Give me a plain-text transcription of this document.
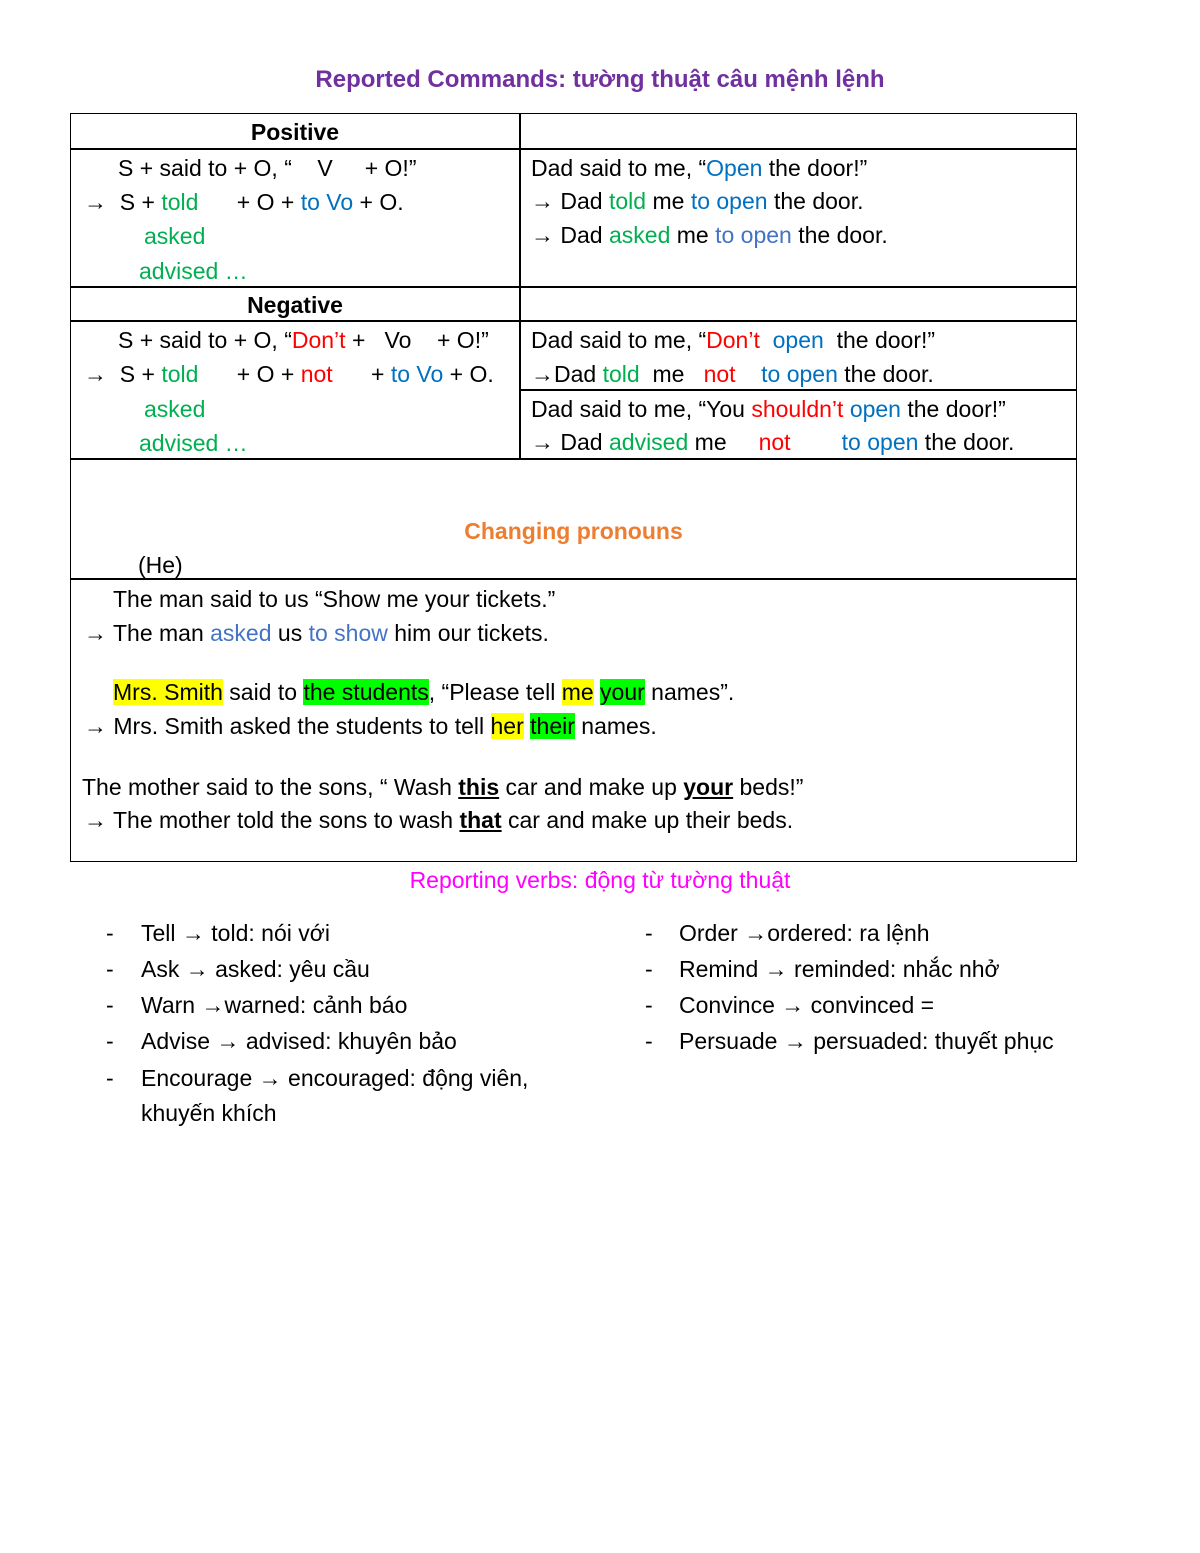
Reported Commands: tường thuật câu mệnh lệnh
Positive
S + said to + O, “    V     + O!”
→ S + told      + O + to Vo + O.
asked
advised …
Dad said to me, “Open the door!”
→ Dad told me to open the door.
→ Dad asked me to open the door.
Negative
S + said to + O, “Don’t +   Vo    + O!”
→ S + told      + O + not      + to Vo + O.
asked
advised …
Dad said to me, “Don’t open  the door!”
→Dad told  me   not to open the door.
Dad said to me, “You shouldn’t open the door!”
→ Dad advised me     not to open the door.
Changing pronouns
(He)
The man said to us “Show me your tickets.”
→ The man asked us to show him our tickets.
Mrs. Smith said to the students, “Please tell me your names”.
→ Mrs. Smith asked the students to tell her their names.
The mother said to the sons, “ Wash this car and make up your beds!”
→ The mother told the sons to wash that car and make up their beds.
Reporting verbs: động từ tường thuật
- Tell → told: nói với
- Ask → asked: yêu cầu
- Warn →warned: cảnh báo
- Advise → advised: khuyên bảo
- Encourage → encouraged: động viên,
khuyến khích
- Order →ordered: ra lệnh
- Remind → reminded: nhắc nhở
- Convince → convinced =
- Persuade → persuaded: thuyết phục
